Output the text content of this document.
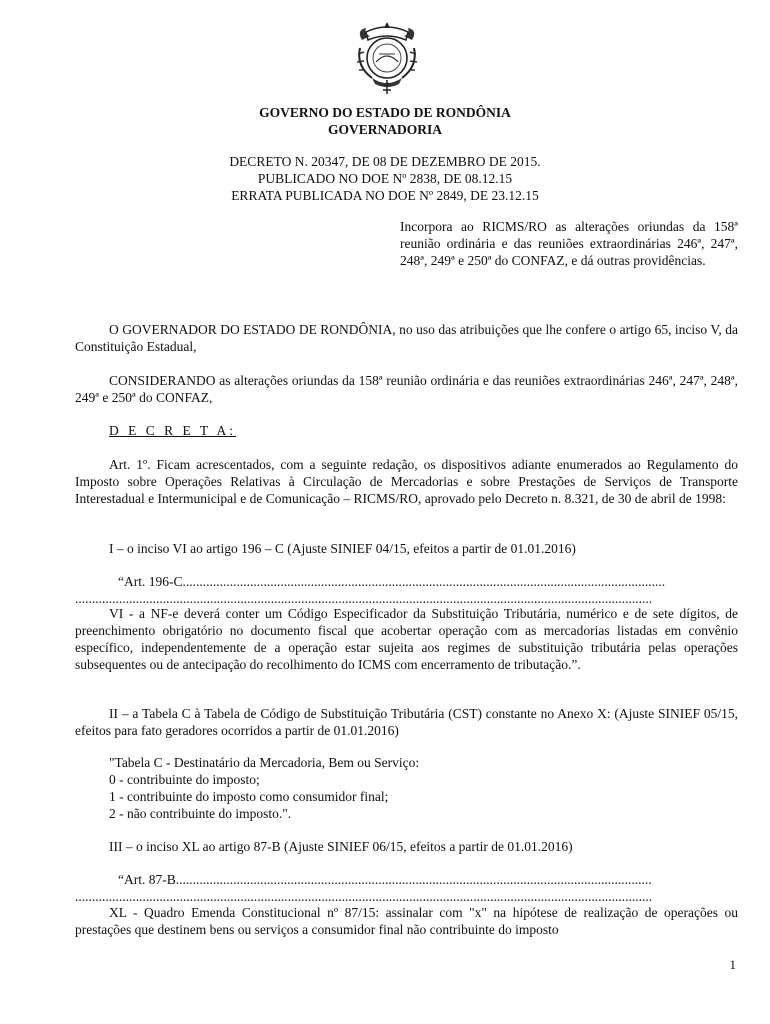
GOVERNO DO ESTADO DE RONDÔNIA
GOVERNADORIA
DECRETO N. 20347, DE 08 DE DEZEMBRO DE 2015.
PUBLICADO NO DOE Nº 2838, DE 08.12.15
ERRATA PUBLICADA NO DOE Nº 2849, DE 23.12.15
Incorpora ao RICMS/RO as alterações oriundas da 158ª reunião ordinária e das reuniões extraordinárias 246ª, 247ª, 248ª, 249ª e 250ª do CONFAZ, e dá outras providências.
O GOVERNADOR DO ESTADO DE RONDÔNIA, no uso das atribuições que lhe confere o artigo 65, inciso V, da Constituição Estadual,
CONSIDERANDO as alterações oriundas da 158ª reunião ordinária e das reuniões extraordinárias 246ª, 247ª, 248ª, 249ª e 250ª do CONFAZ,
D E C R E T A:
Art. 1º. Ficam acrescentados, com a seguinte redação, os dispositivos adiante enumerados ao Regulamento do Imposto sobre Operações Relativas à Circulação de Mercadorias e sobre Prestações de Serviços de Transporte Interestadual e Intermunicipal e de Comunicação – RICMS/RO, aprovado pelo Decreto n. 8.321, de 30 de abril de 1998:
I – o inciso VI ao artigo 196 – C (Ajuste SINIEF 04/15, efeitos a partir de 01.01.2016)
“Art. 196-C...............................................................................................................................................
...........................................................................................................................................................................
VI - a NF-e deverá conter um Código Especificador da Substituição Tributária, numérico e de sete dígitos, de preenchimento obrigatório no documento fiscal que acobertar operação com as mercadorias listadas em convênio específico, independentemente de a operação estar sujeita aos regimes de substituição tributária pelas operações subsequentes ou de antecipação do recolhimento do ICMS com encerramento de tributação.”.
II – a Tabela C à Tabela de Código de Substituição Tributária (CST) constante no Anexo X: (Ajuste SINIEF 05/15, efeitos para fato geradores ocorridos a partir de 01.01.2016)
"Tabela C - Destinatário da Mercadoria, Bem ou Serviço:
0 - contribuinte do imposto;
1 - contribuinte do imposto como consumidor final;
2 - não contribuinte do imposto.".
III – o inciso XL ao artigo 87-B (Ajuste SINIEF 06/15, efeitos a partir de 01.01.2016)
“Art. 87-B.............................................................................................................................................
...........................................................................................................................................................................
XL - Quadro Emenda Constitucional nº 87/15: assinalar com "x" na hipótese de realização de operações ou prestações que destinem bens ou serviços a consumidor final não contribuinte do imposto
1
